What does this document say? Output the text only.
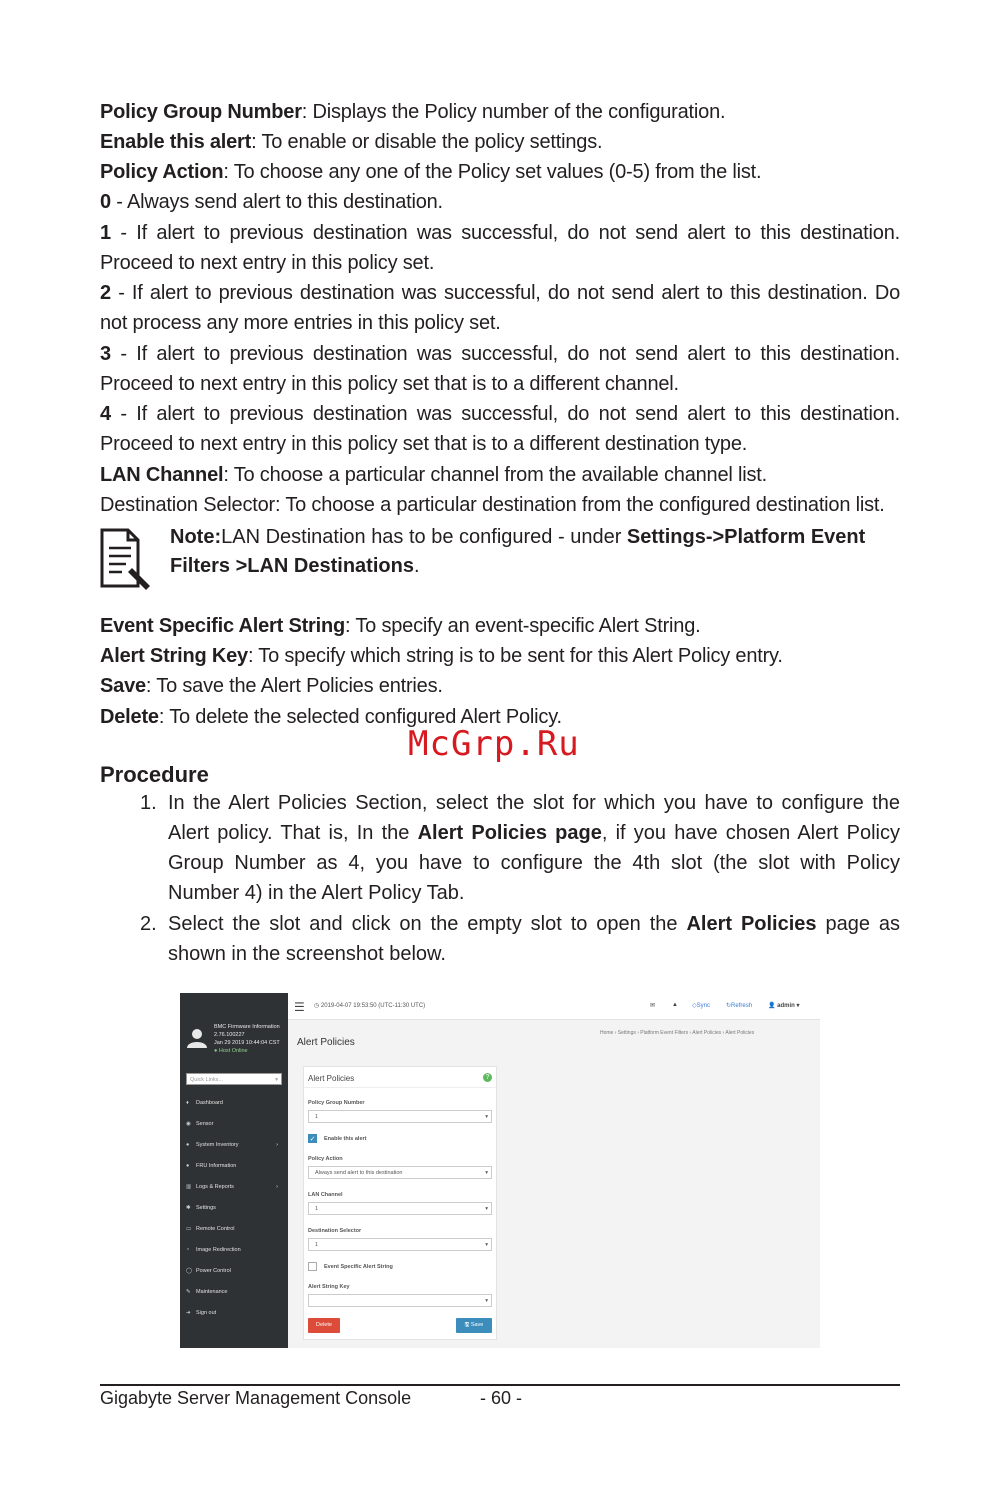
Policy Group Number: Displays the Policy number of the configuration.
Enable this alert: To enable or disable the policy settings.
Policy Action: To choose any one of the Policy set values (0-5) from the list.
0 - Always send alert to this destination.
1 - If alert to previous destination was successful, do not send alert to this destination. Proceed to next entry in this policy set.
2 - If alert to previous destination was successful, do not send alert to this destination. Do not process any more entries in this policy set.
3 - If alert to previous destination was successful, do not send alert to this destination. Proceed to next entry in this policy set that is to a different channel.
4 - If alert to previous destination was successful, do not send alert to this destination. Proceed to next entry in this policy set that is to a different destination type.
LAN Channel: To choose a particular channel from the available channel list.
Destination Selector: To choose a particular destination from the configured destination list.
Note:LAN Destination has to be configured - under Settings->Platform Event Filters >LAN Destinations.
Event Specific Alert String: To specify an event-specific Alert String.
Alert String Key: To specify which string is to be sent for this Alert Policy entry.
Save: To save the Alert Policies entries.
Delete: To delete the selected configured Alert Policy.
McGrp.Ru
Procedure
1. In the Alert Policies Section, select the slot for which you have to configure the Alert policy. That is, In the Alert Policies page, if you have chosen Alert Policy Group Number as 4, you have to configure the 4th slot (the slot with Policy Number 4) in the Alert Policy Tab.
2. Select the slot and click on the empty slot to open the Alert Policies page as shown in the screenshot below.
BMC Firmware Information
2.76.100227
Jan 29 2019 10:44:04 CST
● Host Online
Quick Links...	▾
♦ Dashboard
◉ Sensor
● System Inventory	›
● FRU Information
▥ Logs & Reports	›
✱ Settings
▭ Remote Control
◔ Image Redirection
◯ Power Control
✎ Maintenance
➜ Sign out
☰ ◷ 2019-04-07 19:53:50 (UTC-11:30 UTC)	✉	▲ ◇Sync	↻Refresh	👤 admin ▾
Home › Settings › Platform Event Filters › Alert Policies › Alert Policies
Alert Policies
Alert Policies	?
Policy Group Number
1	▾
✓ Enable this alert
Policy Action
Always send alert to this destination	▾
LAN Channel
1	▾
Destination Selector
1	▾
Event Specific Alert String
Alert String Key
▾
Delete	🖫 Save
Gigabyte Server Management Console	- 60 -
